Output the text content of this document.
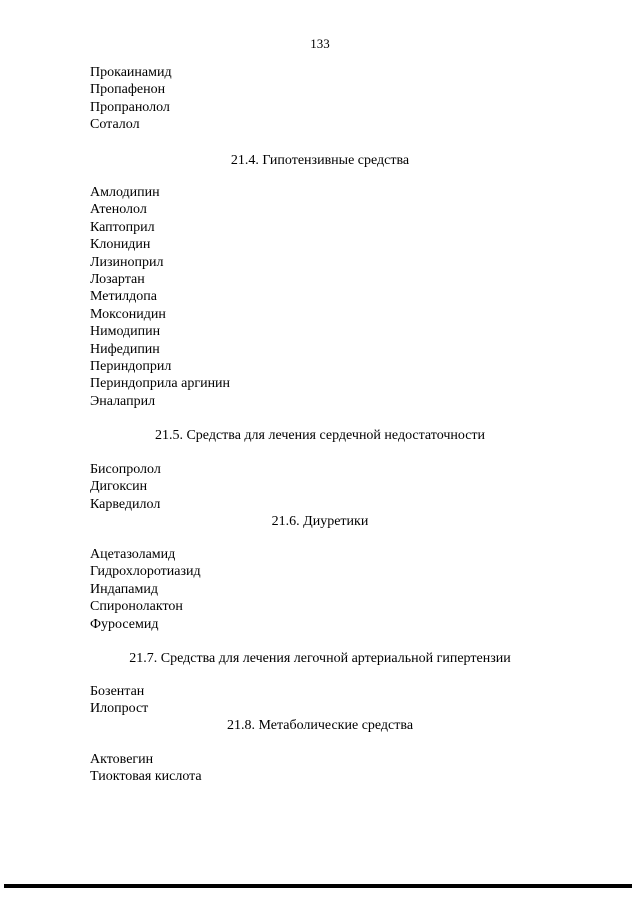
133
Прокаинамид
Пропафенон
Пропранолол
Соталол
21.4. Гипотензивные средства
Амлодипин
Атенолол
Каптоприл
Клонидин
Лизиноприл
Лозартан
Метилдопа
Моксонидин
Нимодипин
Нифедипин
Периндоприл
Периндоприла аргинин
Эналаприл
21.5. Средства для лечения сердечной недостаточности
Бисопролол
Дигоксин
Карведилол
21.6. Диуретики
Ацетазоламид
Гидрохлоротиазид
Индапамид
Спиронолактон
Фуросемид
21.7. Средства для лечения легочной артериальной гипертензии
Бозентан
Илопрост
21.8. Метаболические средства
Актовегин
Тиоктовая кислота
